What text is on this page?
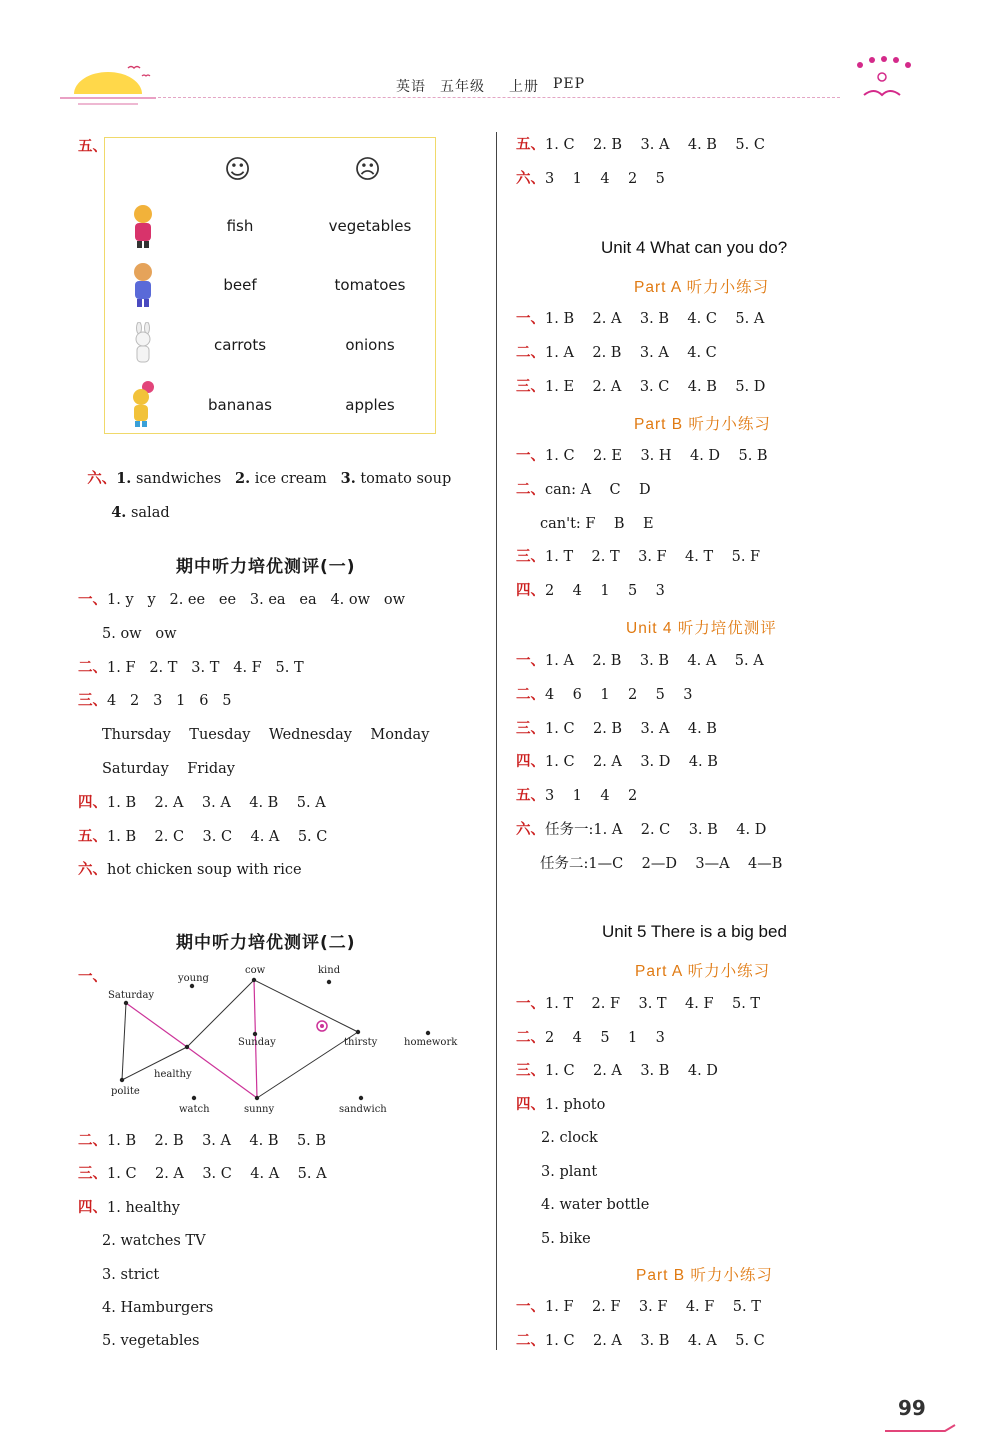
英语 五年级 上册 PEP
五、
☺	☹
fish	vegetables
beef	tomatoes
carrots	onions
bananas	apples

六、1. sandwiches 2. ice cream 3. tomato soup

4. salad

期中听力培优测评(一)
一、1. y   y   2. ee   ee   3. ea   ea   4. ow   ow
5. ow   ow
二、1. F   2. T   3. T   4. F   5. T
三、4   2   3   1   6   5
Thursday    Tuesday    Wednesday    Monday
Saturday    Friday
四、1. B    2. A    3. A    4. B    5. A
五、1. B    2. C    3. C    4. A    5. C
六、hot chicken soup with rice
期中听力培优测评(二)
一、	young
cow	kind
Saturday
Sunday	thirsty	homework
healthy
polite
watch	sunny	sandwich
二、1. B    2. B    3. A    4. B    5. B
三、1. C    2. A    3. C    4. A    5. A
四、1. healthy
2. watches TV
3. strict
4. Hamburgers
5. vegetables
五、1. C    2. B    3. A    4. B    5. C
六、3    1    4    2    5
Unit 4 What can you do?
Part A 听力小练习
一、1. B    2. A    3. B    4. C    5. A
二、1. A    2. B    3. A    4. C
三、1. E    2. A    3. C    4. B    5. D
Part B 听力小练习
一、1. C    2. E    3. H    4. D    5. B
二、can: A    C    D
can't: F    B    E
三、1. T    2. T    3. F    4. T    5. F
四、2    4    1    5    3
Unit 4 听力培优测评
一、1. A    2. B    3. B    4. A    5. A
二、4    6    1    2    5    3
三、1. C    2. B    3. A    4. B
四、1. C    2. A    3. D    4. B
五、3    1    4    2
六、任务一:1. A    2. C    3. B    4. D
任务二:1—C    2—D    3—A    4—B
Unit 5 There is a big bed
Part A 听力小练习
一、1. T    2. F    3. T    4. F    5. T
二、2    4    5    1    3
三、1. C    2. A    3. B    4. D
四、1. photo
2. clock
3. plant
4. water bottle
5. bike
Part B 听力小练习
一、1. F    2. F    3. F    4. F    5. T
二、1. C    2. A    3. B    4. A    5. C
99
